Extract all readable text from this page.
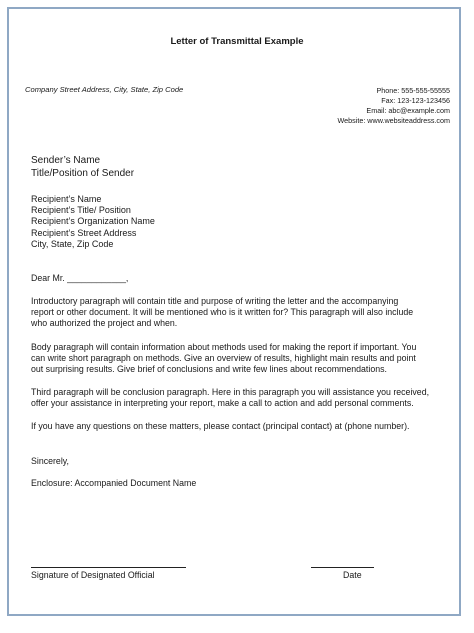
Letter of Transmittal Example
Company Street Address, City, State, Zip Code	Phone: 555-555-55555
Fax: 123-123-123456
Email: abc@example.com
Website: www.websiteaddress.com
Sender’s Name
Title/Position of Sender
Recipient’s Name
Recipient’s Title/ Position
Recipient’s Organization Name
Recipient’s Street Address
City, State, Zip Code
Dear Mr. ____________,
Introductory paragraph will contain title and purpose of writing the letter and the accompanying
report or other document. It will be mentioned who is it written for? This paragraph will also include
who authorized the project and when.
Body paragraph will contain information about methods used for making the report if important. You
can write short paragraph on methods. Give an overview of results, highlight main results and point
out surprising results. Give brief of conclusions and write few lines about recommendations.
Third paragraph will be conclusion paragraph. Here in this paragraph you will assistance you received,
offer your assistance in interpreting your report, make a call to action and add personal comments.
If you have any questions on these matters, please contact (principal contact) at (phone number).
Sincerely,
Enclosure: Accompanied Document Name
Signature of Designated Official	Date
